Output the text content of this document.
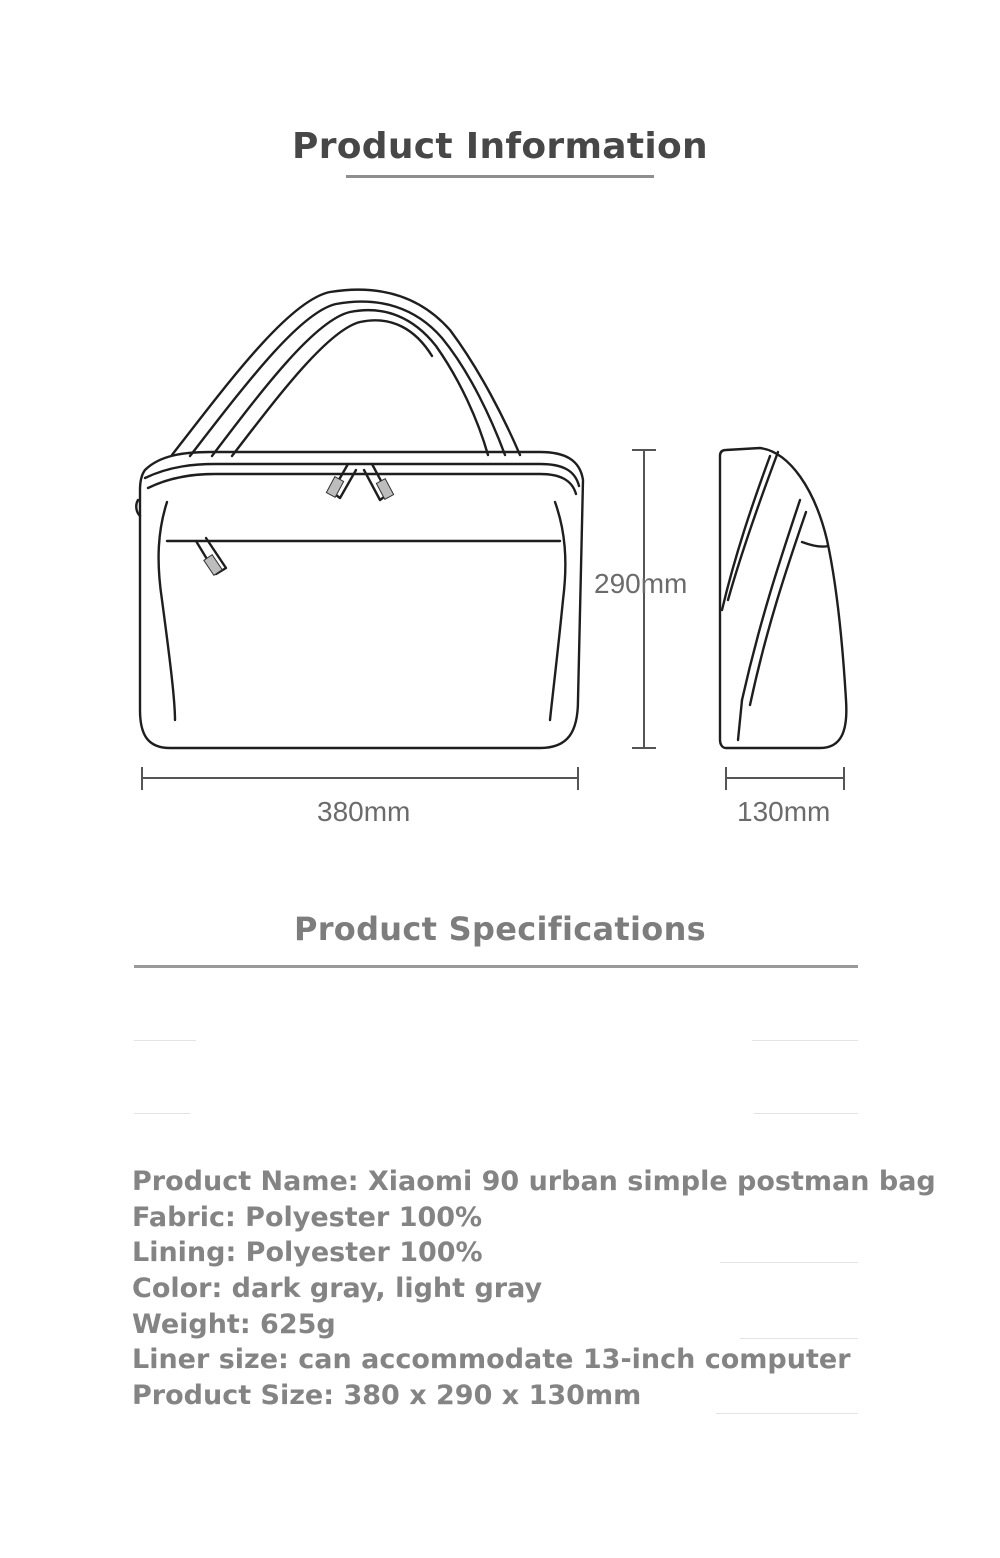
Product Information
380mm
290mm
130mm
Product Specifications
Product Name: Xiaomi 90 urban simple postman bag
Fabric: Polyester 100%
Lining: Polyester 100%
Color: dark gray, light gray
Weight: 625g
Liner size: can accommodate 13-inch computer
Product Size: 380 x 290 x 130mm
